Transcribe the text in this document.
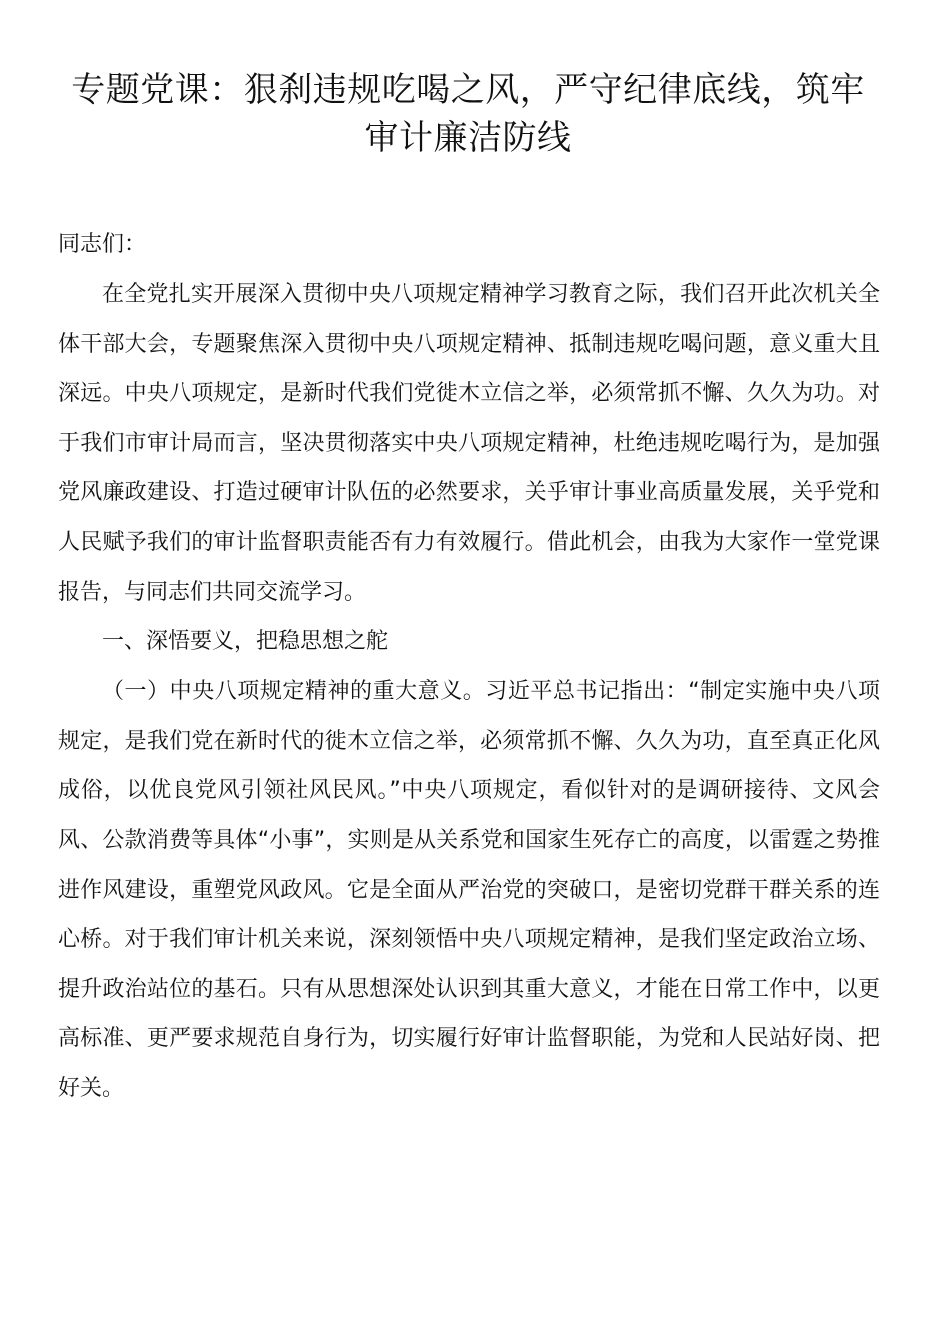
专题党课：狠刹违规吃喝之风，严守纪律底线，筑牢
审计廉洁防线

同志们：

在全党扎实开展深入贯彻中央八项规定精神学习教育之际，我们召开此次机关全体干部大会，专题聚焦深入贯彻中央八项规定精神、抵制违规吃喝问题，意义重大且深远。中央八项规定，是新时代我们党徙木立信之举，必须常抓不懈、久久为功。对于我们市审计局而言，坚决贯彻落实中央八项规定精神，杜绝违规吃喝行为，是加强党风廉政建设、打造过硬审计队伍的必然要求，关乎审计事业高质量发展，关乎党和人民赋予我们的审计监督职责能否有力有效履行。借此机会，由我为大家作一堂党课报告，与同志们共同交流学习。

一、深悟要义，把稳思想之舵

（一）中央八项规定精神的重大意义。习近平总书记指出：“制定实施中央八项规定，是我们党在新时代的徙木立信之举，必须常抓不懈、久久为功，直至真正化风成俗，以优良党风引领社风民风。”中央八项规定，看似针对的是调研接待、文风会风、公款消费等具体“小事”，实则是从关系党和国家生死存亡的高度，以雷霆之势推进作风建设，重塑党风政风。它是全面从严治党的突破口，是密切党群干群关系的连心桥。对于我们审计机关来说，深刻领悟中央八项规定精神，是我们坚定政治立场、提升政治站位的基石。只有从思想深处认识到其重大意义，才能在日常工作中，以更高标准、更严要求规范自身行为，切实履行好审计监督职能，为党和人民站好岗、把好关。
